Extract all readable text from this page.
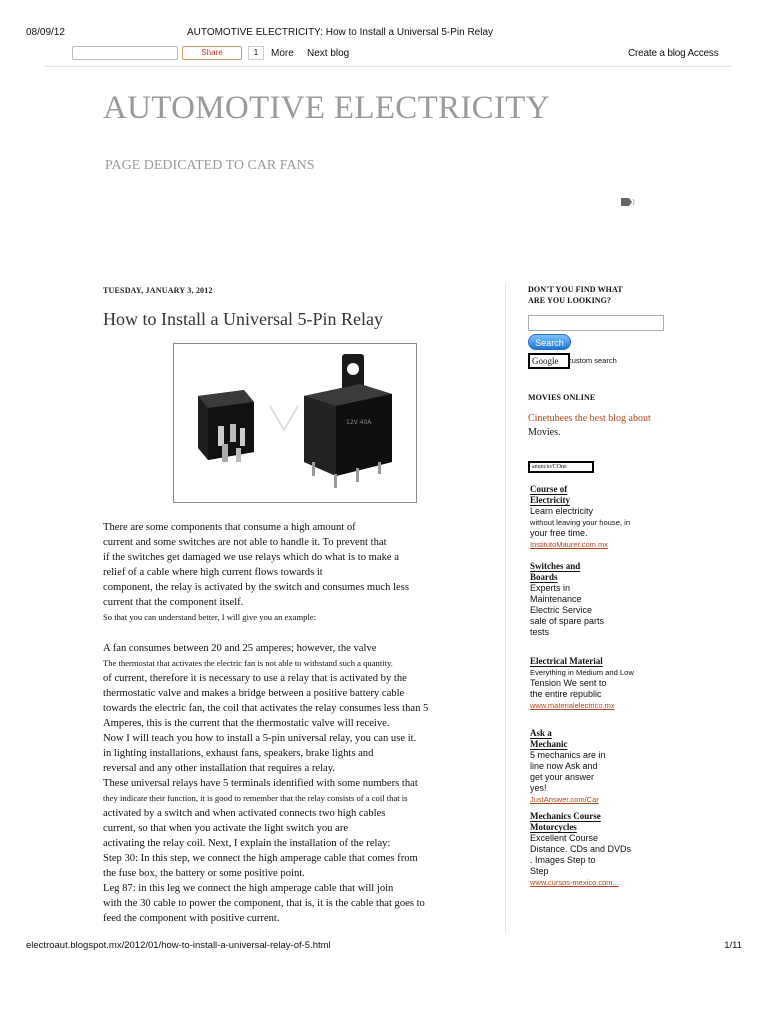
08/09/12	AUTOMOTIVE ELECTRICITY: How to Install a Universal 5-Pin Relay
Share	1	More Next blog	Create a blog Access
AUTOMOTIVE ELECTRICITY
PAGE DEDICATED TO CAR FANS
TUESDAY, JANUARY 3, 2012
How to Install a Universal 5-Pin Relay
12V 40A

There are some components that consume a high amount of

current and some switches are not able to handle it. To prevent that

if the switches get damaged we use relays which do what is to make a

relief of a cable where high current flows towards it

component, the relay is activated by the switch and consumes much less

current that the component itself.

So that you can understand better, I will give you an example:

A fan consumes between 20 and 25 amperes; however, the valve

The thermostat that activates the electric fan is not able to withstand such a quantity.

of current, therefore it is necessary to use a relay that is activated by the

thermostatic valve and makes a bridge between a positive battery cable

towards the electric fan, the coil that activates the relay consumes less than 5

Amperes, this is the current that the thermostatic valve will receive.

Now I will teach you how to install a 5-pin universal relay, you can use it.

in lighting installations, exhaust fans, speakers, brake lights and

reversal and any other installation that requires a relay.

These universal relays have 5 terminals identified with some numbers that

they indicate their function, it is good to remember that the relay consists of a coil that is

activated by a switch and when activated connects two high cables

current, so that when you activate the light switch you are

activating the relay coil. Next, I explain the installation of the relay:

Step 30: In this step, we connect the high amperage cable that comes from

the fuse box, the battery or some positive point.

Leg 87: in this leg we connect the high amperage cable that will join

with the 30 cable to power the component, that is, it is the cable that goes to

feed the component with positive current.

DON'T YOU FIND WHAT
ARE YOU LOOKING?
Search
Google	custom search
MOVIES ONLINE
Cinetubees the best blog about
Movies.
anuncio/COne
Course of
Electricity
Learn electricity
without leaving your house, in
your free time.
InstitutoMaurer.com.mx
Switches and
Boards
Experts in
Maintenance
Electric Service
sale of spare parts
tests
Electrical Material
Everything in Medium and Low
Tension We sent to
the entire republic
www.materialelectrico.mx
Ask a
Mechanic
5 mechanics are in
line now Ask and
get your answer
yes!
JustAnswer.com/Car
Mechanics Course
Motorcycles
Excellent Course
Distance. CDs and DVDs
. Images Step to
Step
www.cursos-mexico.com...
electroaut.blogspot.mx/2012/01/how-to-install-a-universal-relay-of-5.html	1/11
